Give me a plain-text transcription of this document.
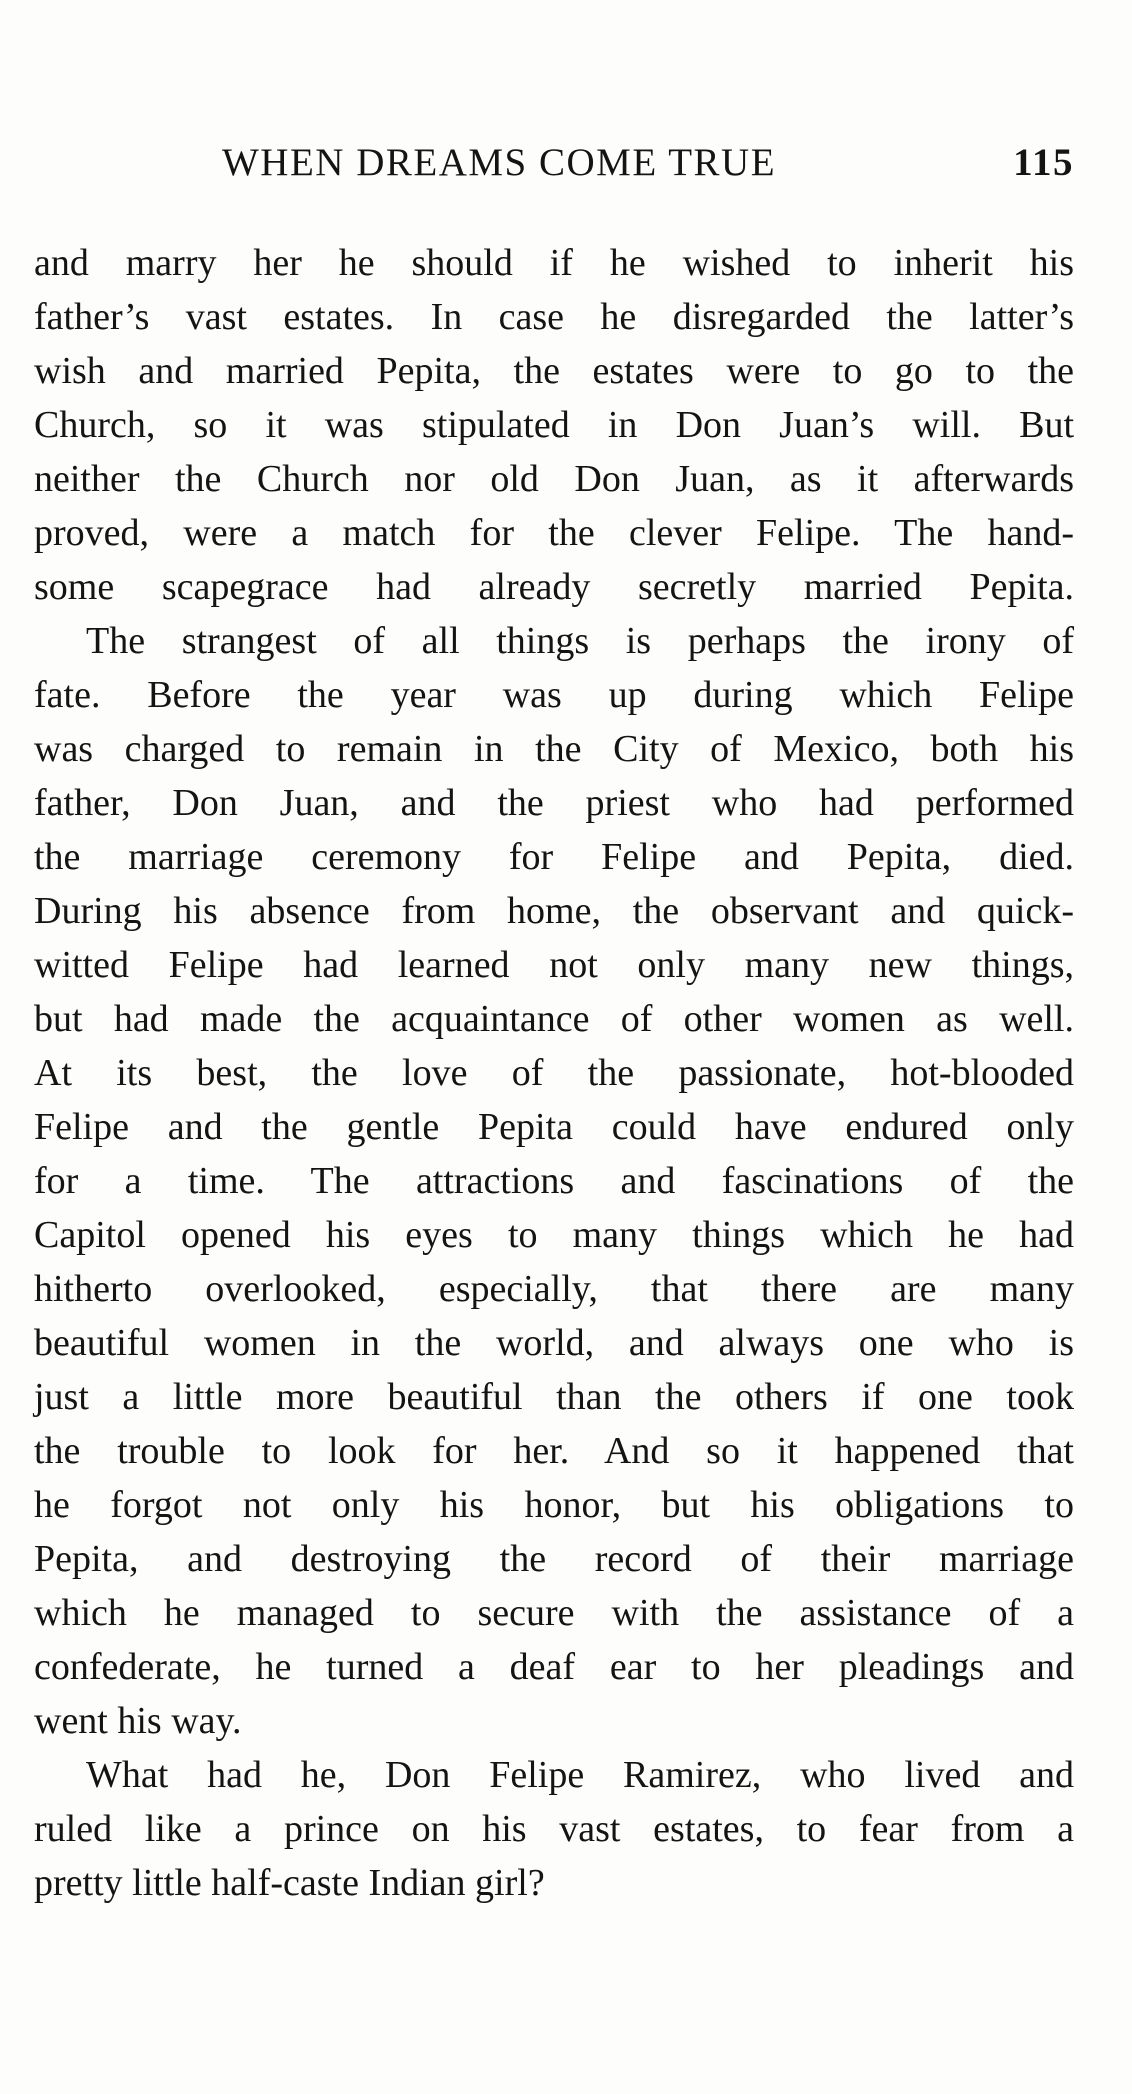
WHEN DREAMS COME TRUE	115
and marry her he should if he wished to inherit his
father’s vast estates. In case he disregarded the latter’s
wish and married Pepita, the estates were to go to the
Church, so it was stipulated in Don Juan’s will. But
neither the Church nor old Don Juan, as it afterwards
proved, were a match for the clever Felipe. The hand-
some scapegrace had already secretly married Pepita.
The strangest of all things is perhaps the irony of
fate. Before the year was up during which Felipe
was charged to remain in the City of Mexico, both his
father, Don Juan, and the priest who had performed
the marriage ceremony for Felipe and Pepita, died.
During his absence from home, the observant and quick-
witted Felipe had learned not only many new things,
but had made the acquaintance of other women as well.
At its best, the love of the passionate, hot-blooded
Felipe and the gentle Pepita could have endured only
for a time. The attractions and fascinations of the
Capitol opened his eyes to many things which he had
hitherto overlooked, especially, that there are many
beautiful women in the world, and always one who is
just a little more beautiful than the others if one took
the trouble to look for her. And so it happened that
he forgot not only his honor, but his obligations to
Pepita, and destroying the record of their marriage
which he managed to secure with the assistance of a
confederate, he turned a deaf ear to her pleadings and
went his way.
What had he, Don Felipe Ramirez, who lived and
ruled like a prince on his vast estates, to fear from a
pretty little half-caste Indian girl?
